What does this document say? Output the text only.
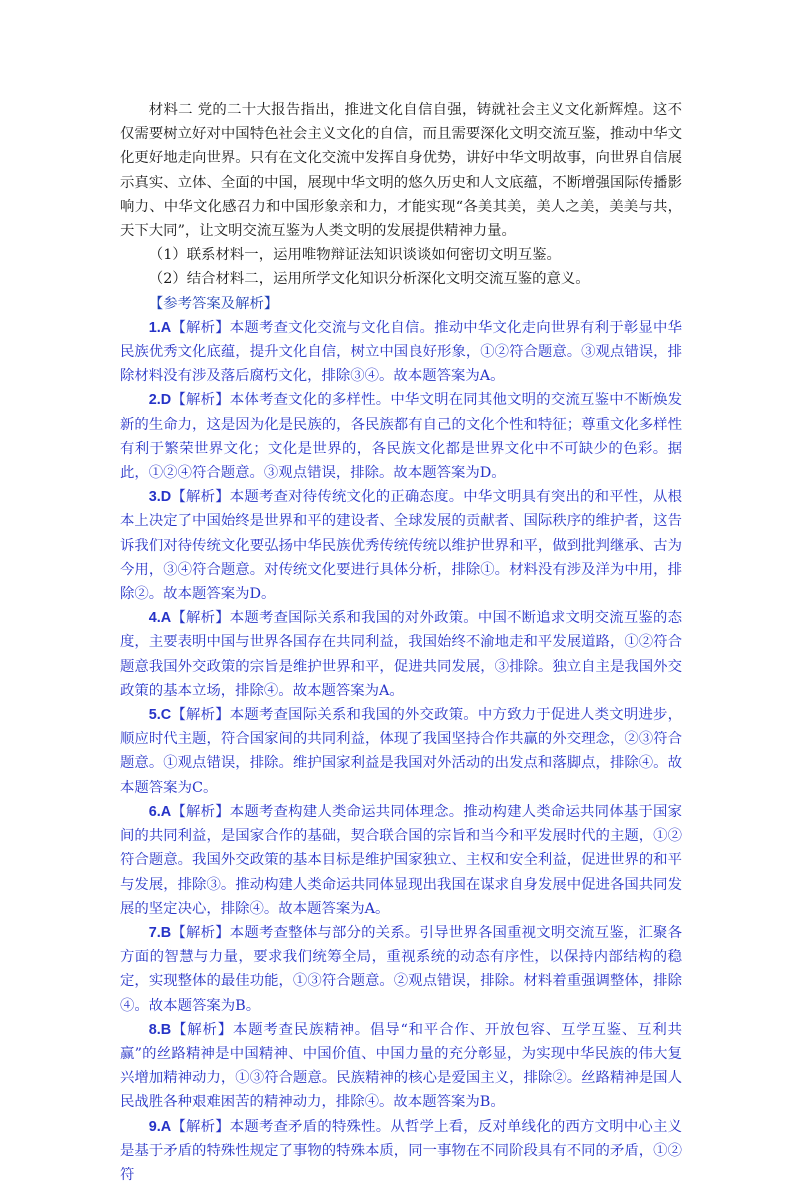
材料二 党的二十大报告指出，推进文化自信自强，铸就社会主义文化新辉煌。这不仅需要树立好对中国特色社会主义文化的自信，而且需要深化文明交流互鉴，推动中华文化更好地走向世界。只有在文化交流中发挥自身优势，讲好中华文明故事，向世界自信展示真实、立体、全面的中国，展现中华文明的悠久历史和人文底蕴，不断增强国际传播影响力、中华文化感召力和中国形象亲和力，才能实现“各美其美，美人之美，美美与共，天下大同”，让文明交流互鉴为人类文明的发展提供精神力量。

（1）联系材料一，运用唯物辩证法知识谈谈如何密切文明互鉴。

（2）结合材料二，运用所学文化知识分析深化文明交流互鉴的意义。

【参考答案及解析】

1.A【解析】本题考查文化交流与文化自信。推动中华文化走向世界有利于彰显中华民族优秀文化底蕴，提升文化自信，树立中国良好形象，①②符合题意。③观点错误，排除材料没有涉及落后腐朽文化，排除③④。故本题答案为A。

2.D【解析】本体考查文化的多样性。中华文明在同其他文明的交流互鉴中不断焕发新的生命力，这是因为化是民族的，各民族都有自己的文化个性和特征；尊重文化多样性有利于繁荣世界文化；文化是世界的，各民族文化都是世界文化中不可缺少的色彩。据此，①②④符合题意。③观点错误，排除。故本题答案为D。

3.D【解析】本题考查对待传统文化的正确态度。中华文明具有突出的和平性，从根本上决定了中国始终是世界和平的建设者、全球发展的贡献者、国际秩序的维护者，这告诉我们对待传统文化要弘扬中华民族优秀传统传统以维护世界和平，做到批判继承、古为今用，③④符合题意。对传统文化要进行具体分析，排除①。材料没有涉及洋为中用，排除②。故本题答案为D。

4.A【解析】本题考查国际关系和我国的对外政策。中国不断追求文明交流互鉴的态度，主要表明中国与世界各国存在共同利益，我国始终不渝地走和平发展道路，①②符合题意我国外交政策的宗旨是维护世界和平，促进共同发展，③排除。独立自主是我国外交政策的基本立场，排除④。故本题答案为A。

5.C【解析】本题考查国际关系和我国的外交政策。中方致力于促进人类文明进步，顺应时代主题，符合国家间的共同利益，体现了我国坚持合作共赢的外交理念，②③符合题意。①观点错误，排除。维护国家利益是我国对外活动的出发点和落脚点，排除④。故本题答案为C。

6.A【解析】本题考查构建人类命运共同体理念。推动构建人类命运共同体基于国家间的共同利益，是国家合作的基础，契合联合国的宗旨和当今和平发展时代的主题，①②符合题意。我国外交政策的基本目标是维护国家独立、主权和安全利益，促进世界的和平与发展，排除③。推动构建人类命运共同体显现出我国在谋求自身发展中促进各国共同发展的坚定决心，排除④。故本题答案为A。

7.B【解析】本题考查整体与部分的关系。引导世界各国重视文明交流互鉴，汇聚各方面的智慧与力量，要求我们统筹全局，重视系统的动态有序性，以保持内部结构的稳定，实现整体的最佳功能，①③符合题意。②观点错误，排除。材料着重强调整体，排除④。故本题答案为B。

8.B【解析】本题考查民族精神。倡导“和平合作、开放包容、互学互鉴、互利共赢”的丝路精神是中国精神、中国价值、中国力量的充分彰显，为实现中华民族的伟大复兴增加精神动力，①③符合题意。民族精神的核心是爱国主义，排除②。丝路精神是国人民战胜各种艰难困苦的精神动力，排除④。故本题答案为B。

9.A【解析】本题考查矛盾的特殊性。从哲学上看，反对单线化的西方文明中心主义是基于矛盾的特殊性规定了事物的特殊本质，同一事物在不同阶段具有不同的矛盾，①②符
